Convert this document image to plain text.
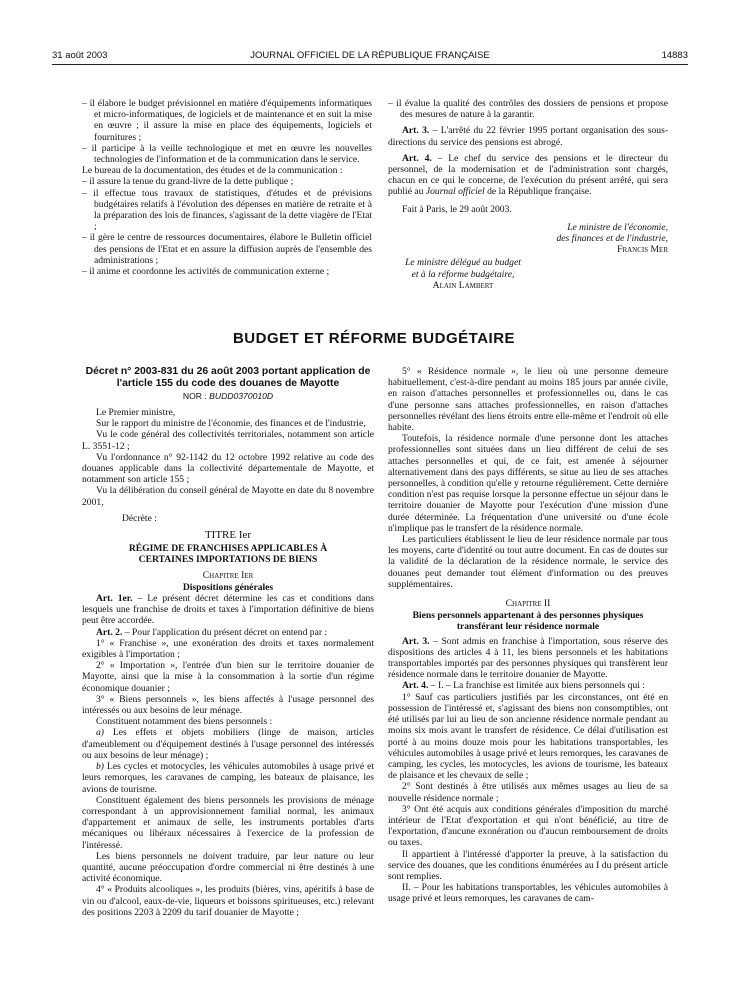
31 août 2003	JOURNAL OFFICIEL DE LA RÉPUBLIQUE FRANÇAISE	14883

– il élabore le budget prévisionnel en matière d'équipements informatiques et micro-informatiques, de logiciels et de maintenance et en suit la mise en œuvre ; il assure la mise en place des équipements, logiciels et fournitures ;

– il participe à la veille technologique et met en œuvre les nouvelles technologies de l'information et de la communication dans le service.

Le bureau de la documentation, des études et de la communication :

– il assure la tenue du grand-livre de la dette publique ;

– il effectue tous travaux de statistiques, d'études et de prévisions budgétaires relatifs à l'évolution des dépenses en matière de retraite et à la préparation des lois de finances, s'agissant de la dette viagère de l'Etat ;

– il gère le centre de ressources documentaires, élabore le Bulletin officiel des pensions de l'Etat et en assure la diffusion auprès de l'ensemble des administrations ;

– il anime et coordonne les activités de communication externe ;

– il évalue la qualité des contrôles des dossiers de pensions et propose des mesures de nature à la garantir.

Art. 3. – L'arrêté du 22 février 1995 portant organisation des sous-directions du service des pensions est abrogé.

Art. 4. – Le chef du service des pensions et le directeur du personnel, de la modernisation et de l'administration sont chargés, chacun en ce qui le concerne, de l'exécution du présent arrêté, qui sera publié au Journal officiel de la République française.

Fait à Paris, le 29 août 2003.

Le ministre de l'économie,
des finances et de l'industrie,
Francis Mer
Le ministre délégué au budget
et à la réforme budgétaire,
Alain Lambert
BUDGET ET RÉFORME BUDGÉTAIRE
Décret n° 2003-831 du 26 août 2003 portant application de l'article 155 du code des douanes de Mayotte
NOR : BUDD0370010D

Le Premier ministre,

Sur le rapport du ministre de l'économie, des finances et de l'industrie,

Vu le code général des collectivités territoriales, notamment son article L. 3551-12 ;

Vu l'ordonnance n° 92-1142 du 12 octobre 1992 relative au code des douanes applicable dans la collectivité départementale de Mayotte, et notamment son article 155 ;

Vu la délibération du conseil général de Mayotte en date du 8 novembre 2001,

Décrète :

TITRE Ier

RÉGIME DE FRANCHISES APPLICABLES À CERTAINES IMPORTATIONS DE BIENS

Chapitre Ier

Dispositions générales

Art. 1er. – Le présent décret détermine les cas et conditions dans lesquels une franchise de droits et taxes à l'importation définitive de biens peut être accordée.

Art. 2. – Pour l'application du présent décret on entend par :

1° « Franchise », une exonération des droits et taxes normalement exigibles à l'importation ;

2° « Importation », l'entrée d'un bien sur le territoire douanier de Mayotte, ainsi que la mise à la consommation à la sortie d'un régime économique douanier ;

3° « Biens personnels », les biens affectés à l'usage personnel des intéressés ou aux besoins de leur ménage.

Constituent notamment des biens personnels :

a) Les effets et objets mobiliers (linge de maison, articles d'ameublement ou d'équipement destinés à l'usage personnel des intéressés ou aux besoins de leur ménage) ;

b) Les cycles et motocycles, les véhicules automobiles à usage privé et leurs remorques, les caravanes de camping, les bateaux de plaisance, les avions de tourisme.

Constituent également des biens personnels les provisions de ménage correspondant à un approvisionnement familial normal, les animaux d'appartement et animaux de selle, les instruments portables d'arts mécaniques ou libéraux nécessaires à l'exercice de la profession de l'intéressé.

Les biens personnels ne doivent traduire, par leur nature ou leur quantité, aucune préoccupation d'ordre commercial ni être destinés à une activité économique.

4° « Produits alcooliques », les produits (bières, vins, apéritifs à base de vin ou d'alcool, eaux-de-vie, liqueurs et boissons spiritueuses, etc.) relevant des positions 2203 à 2209 du tarif douanier de Mayotte ;

5° « Résidence normale », le lieu où une personne demeure habituellement, c'est-à-dire pendant au moins 185 jours par année civile, en raison d'attaches personnelles et professionnelles ou, dans le cas d'une personne sans attaches professionnelles, en raison d'attaches personnelles révélant des liens étroits entre elle-même et l'endroit où elle habite.

Toutefois, la résidence normale d'une personne dont les attaches professionnelles sont situées dans un lieu différent de celui de ses attaches personnelles et qui, de ce fait, est amenée à séjourner alternativement dans des pays différents, se situe au lieu de ses attaches personnelles, à condition qu'elle y retourne régulièrement. Cette dernière condition n'est pas requise lorsque la personne effectue un séjour dans le territoire douanier de Mayotte pour l'exécution d'une mission d'une durée déterminée. La fréquentation d'une université ou d'une école n'implique pas le transfert de la résidence normale.

Les particuliers établissent le lieu de leur résidence normale par tous les moyens, carte d'identité ou tout autre document. En cas de doutes sur la validité de la déclaration de la résidence normale, le service des douanes peut demander tout élément d'information ou des preuves supplémentaires.

Chapitre II

Biens personnels appartenant à des personnes physiques transférant leur résidence normale

Art. 3. – Sont admis en franchise à l'importation, sous réserve des dispositions des articles 4 à 11, les biens personnels et les habitations transportables importés par des personnes physiques qui transfèrent leur résidence normale dans le territoire douanier de Mayotte.

Art. 4. – I. – La franchise est limitée aux biens personnels qui :

1° Sauf cas particuliers justifiés par les circonstances, ont été en possession de l'intéressé et, s'agissant des biens non consomptibles, ont été utilisés par lui au lieu de son ancienne résidence normale pendant au moins six mois avant le transfert de résidence. Ce délai d'utilisation est porté à au moins douze mois pour les habitations transportables, les véhicules automobiles à usage privé et leurs remorques, les caravanes de camping, les cycles, les motocycles, les avions de tourisme, les bateaux de plaisance et les chevaux de selle ;

2° Sont destinés à être utilisés aux mêmes usages au lieu de sa nouvelle résidence normale ;

3° Ont été acquis aux conditions générales d'imposition du marché intérieur de l'Etat d'exportation et qui n'ont bénéficié, au titre de l'exportation, d'aucune exonération ou d'aucun remboursement de droits ou taxes.

Il appartient à l'intéressé d'apporter la preuve, à la satisfaction du service des douanes, que les conditions énumérées au I du présent article sont remplies.

II. – Pour les habitations transportables, les véhicules automobiles à usage privé et leurs remorques, les caravanes de cam-
